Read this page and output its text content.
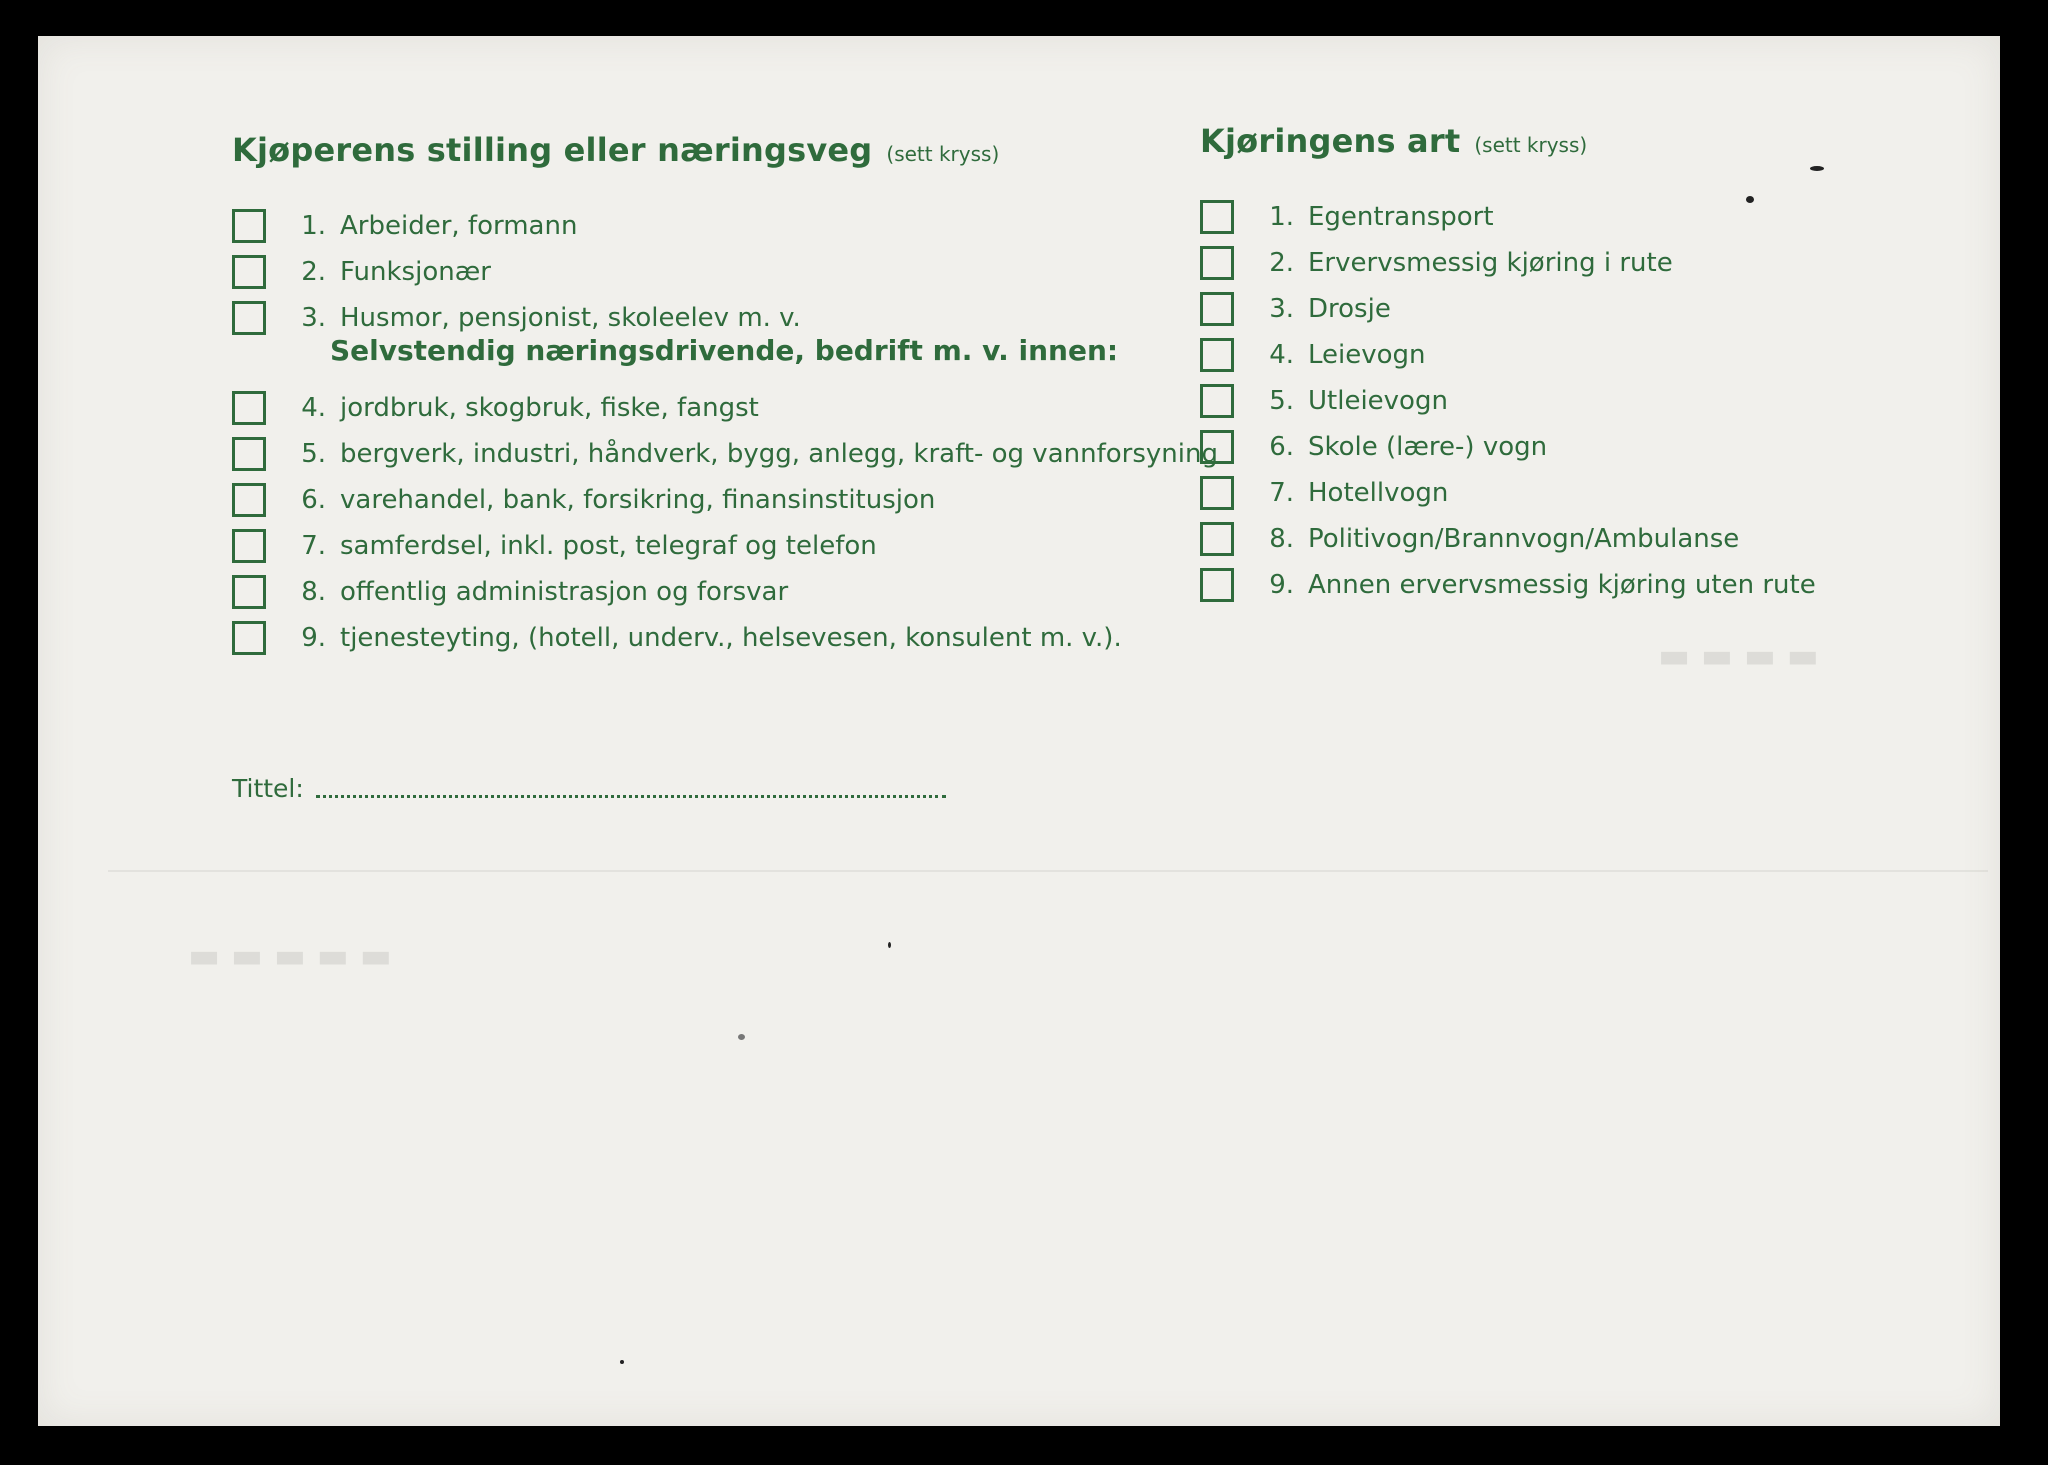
▬ ▬ ▬ ▬
▬ ▬ ▬ ▬ ▬
Kjøperens stilling eller næringsveg (sett kryss)
1. Arbeider, formann
2. Funksjonær
3. Husmor, pensjonist, skoleelev m. v.
Selvstendig næringsdrivende, bedrift m. v. innen:
4. jordbruk, skogbruk, fiske, fangst
5. bergverk, industri, håndverk, bygg, anlegg, kraft- og vannforsyning
6. varehandel, bank, forsikring, finansinstitusjon
7. samferdsel, inkl. post, telegraf og telefon
8. offentlig administrasjon og forsvar
9. tjenesteyting, (hotell, underv., helsevesen, konsulent m. v.).
Kjøringens art (sett kryss)
1. Egentransport
2. Ervervsmessig kjøring i rute
3. Drosje
4. Leievogn
5. Utleievogn
6. Skole (lære-) vogn
7. Hotellvogn
8. Politivogn/Brannvogn/Ambulanse
9. Annen ervervsmessig kjøring uten rute
Tittel:
